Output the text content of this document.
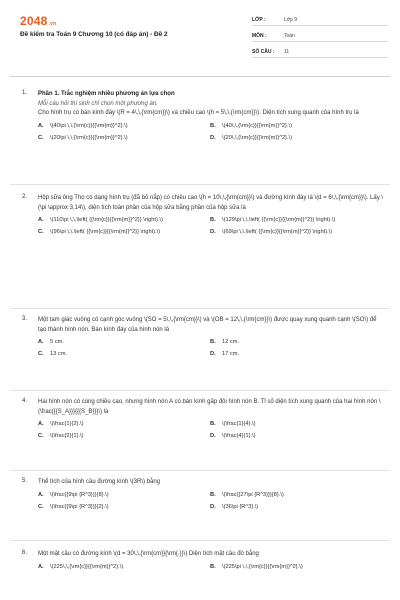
2048.vn
Đề kiểm tra Toán 9 Chương 10 (có đáp án) - Đề 2
LỚP :	Lớp 9
MÔN :	Toán
SỐ CÂU :	11
1. Phần 1. Trắc nghiệm nhiều phương án lựa chọn
Mỗi câu hỏi thí sinh chỉ chọn một phương án.
Cho hình trụ có bán kính đáy \(R = 4\,\,{\rm{cm}}\) và chiều cao \(h = 5\,\,{\rm{cm}}\). Diện tích xung quanh của hình trụ là
A.	\(40\pi \,\,{\rm{c}}{{\rm{m}}^2}.\)	B.	\(40\,\,{\rm{c}}{{\rm{m}}^2}.\)
C.	\(20\pi \,\,{\rm{c}}{{\rm{m}}^2}.\)	D.	\(20\,\,{\rm{c}}{{\rm{m}}^2}.\)
2. Hộp sữa ông Thọ có dạng hình trụ (đã bỏ nắp) có chiều cao \(h = 10\,\,{\rm{cm}}\) và đường kính đáy là \(d = 6\,\,{\rm{cm}}\). Lấy \(\pi \approx 3,14\), diện tích toàn phần của hộp sữa bằng phần của hộp sữa là
A.	\(110\pi \,\,\left( {{\rm{c}}{{\rm{m}}^2}} \right).\)	B.	\(129\pi \,\,\left( {{\rm{c}}{{\rm{m}}^2}} \right).\)
C.	\(96\pi \,\,\left( {{\rm{c}}{{\rm{m}}^2}} \right).\)	D.	\(69\pi \,\,\left( {{\rm{c}}{{\rm{m}}^2}} \right).\)
3. Một tam giác vuông có cạnh góc vuông \(SO = 5\,\,{\rm{cm}}\) và \(OB = 12\,\,{\rm{cm}}\) được quay xung quanh cạnh \(SO\) để tạo thành hình nón. Bán kính đáy của hình nón là
A.	5 cm.	B.	12 cm.
C.	13 cm.	D.	17 cm.
4. Hai hình nón có cùng chiều cao, nhưng hình nón A có bán kính gấp đôi hình nón B. Tỉ số diện tích xung quanh của hai hình nón \(\frac{{{S_A}}}{{{S_B}}}\) là
A.	\(\frac{1}{2}.\)	B.	\(\frac{1}{4}.\)
C.	\(\frac{2}{1}.\)	D.	\(\frac{4}{1}.\)
5. Thể tích của hình cầu đường kính \(3R\) bằng
A.	\(\frac{{9\pi {R^3}}}{8}.\)	B.	\(\frac{{27\pi {R^3}}}{8}.\)
C.	\(\frac{{9\pi {R^3}}}{2}.\)	D.	\(36\pi {R^3}.\)
6. Một mặt cầu có đường kính \(d = 30\,\,{\rm{cm}}{\rm{.}}\) Diện tích mặt cầu đó bằng
A.	\(225\,\,{\rm{c}}{{\rm{m}}^2}.\)	B.	\(225\pi \,\,{\rm{c}}{{\rm{m}}^2}.\)
